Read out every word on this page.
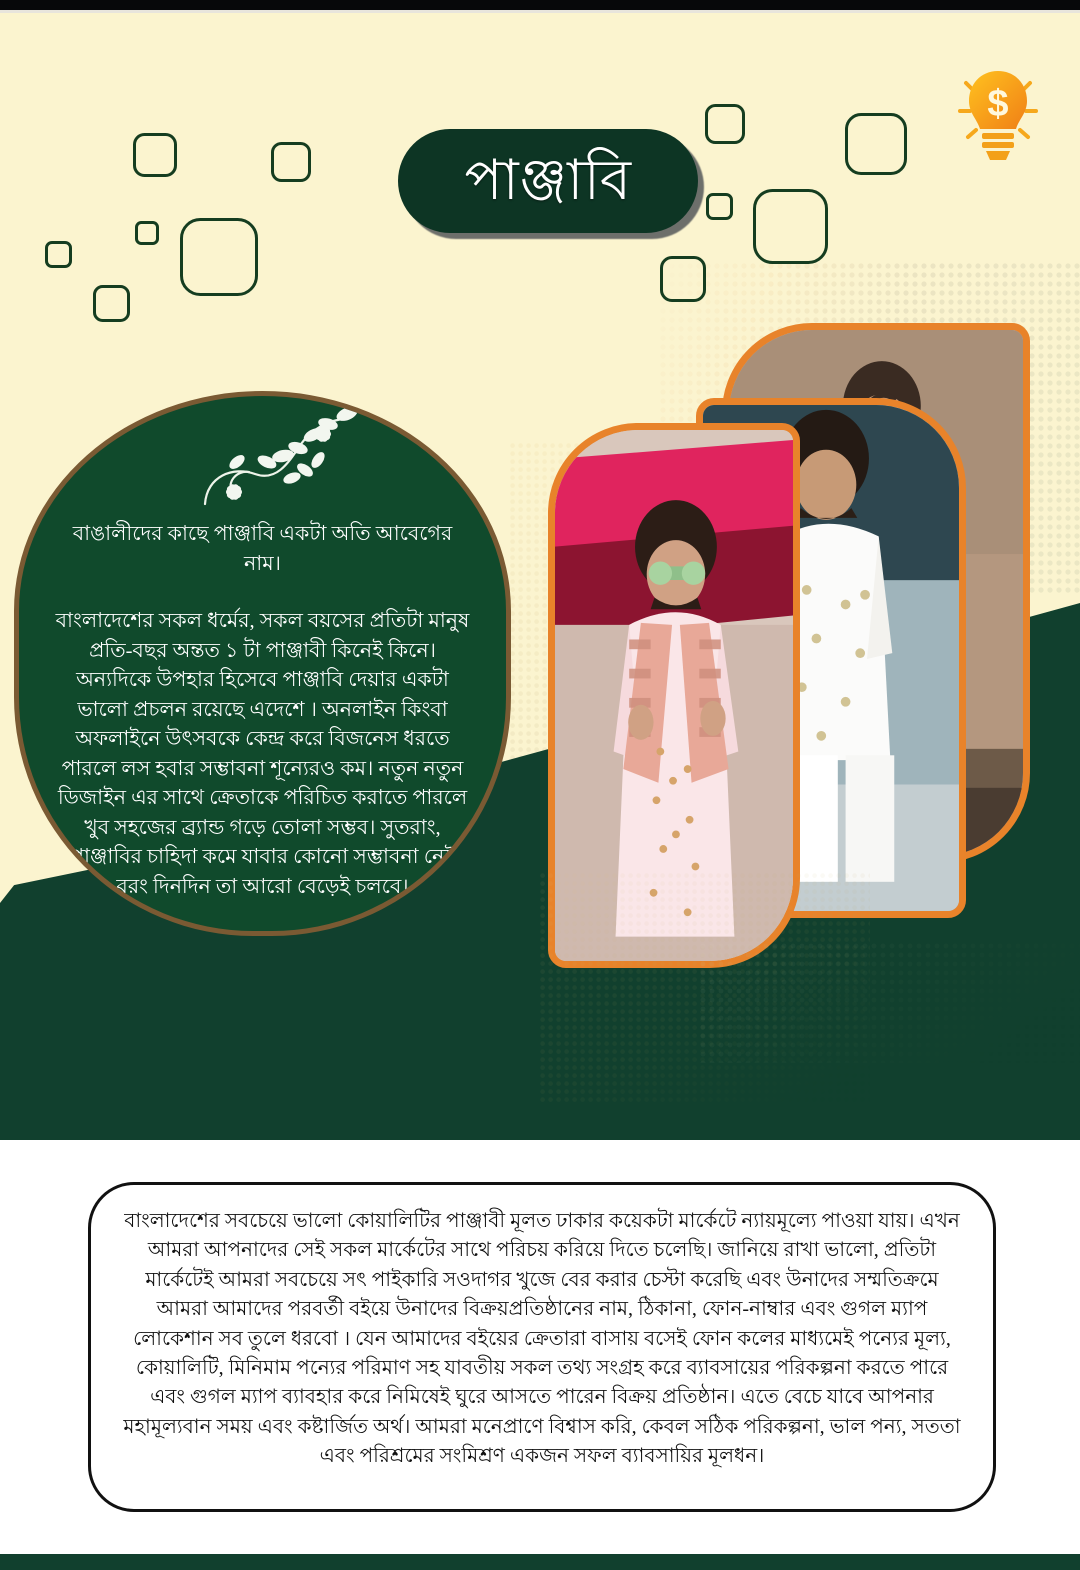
$
পাঞ্জাবি

বাঙালীদের কাছে পাঞ্জাবি একটা অতি আবেগের নাম।

বাংলাদেশের সকল ধর্মের, সকল বয়সের প্রতিটা মানুষ প্রতি-বছর অন্তত ১ টা পাঞ্জাবী কিনেই কিনে। অন্যদিকে উপহার হিসেবে পাঞ্জাবি দেয়ার একটা ভালো প্রচলন রয়েছে এদেশে । অনলাইন কিংবা অফলাইনে উৎসবকে কেন্দ্র করে বিজনেস ধরতে পারলে লস হবার সম্ভাবনা শূন্যেরও কম। নতুন নতুন ডিজাইন এর সাথে ক্রেতাকে পরিচিত করাতে পারলে খুব সহজের ব্র্যান্ড গড়ে তোলা সম্ভব। সুতরাং, পাঞ্জাবির চাহিদা কমে যাবার কোনো সম্ভাবনা নেই বরং দিনদিন তা আরো বেড়েই চলবে।

বাংলাদেশের সবচেয়ে ভালো কোয়ালিটির পাঞ্জাবী মূলত ঢাকার কয়েকটা মার্কেটে ন্যায়মূল্যে পাওয়া যায়। এখন আমরা আপনাদের সেই সকল মার্কেটের সাথে পরিচয় করিয়ে দিতে চলেছি। জানিয়ে রাখা ভালো, প্রতিটা মার্কেটেই আমরা সবচেয়ে সৎ পাইকারি সওদাগর খুজে বের করার চেস্টা করেছি এবং উনাদের সম্মতিক্রমে আমরা আমাদের পরবর্তী বইয়ে উনাদের বিক্রয়প্রতিষ্ঠানের নাম, ঠিকানা, ফোন-নাম্বার এবং গুগল ম্যাপ লোকেশান সব তুলে ধরবো । যেন আমাদের বইয়ের ক্রেতারা বাসায় বসেই ফোন কলের মাধ্যমেই পন্যের মূল্য, কোয়ালিটি, মিনিমাম পন্যের পরিমাণ সহ যাবতীয় সকল তথ্য সংগ্রহ করে ব্যাবসায়ের পরিকল্পনা করতে পারে এবং গুগল ম্যাপ ব্যাবহার করে নিমিষেই ঘুরে আসতে পারেন বিক্রয় প্রতিষ্ঠান। এতে বেচে যাবে আপনার মহামূল্যবান সময় এবং কষ্টার্জিত অর্থ। আমরা মনেপ্রাণে বিশ্বাস করি, কেবল সঠিক পরিকল্পনা, ভাল পন্য, সততা এবং পরিশ্রমের সংমিশ্রণ একজন সফল ব্যাবসায়ির মূলধন।
